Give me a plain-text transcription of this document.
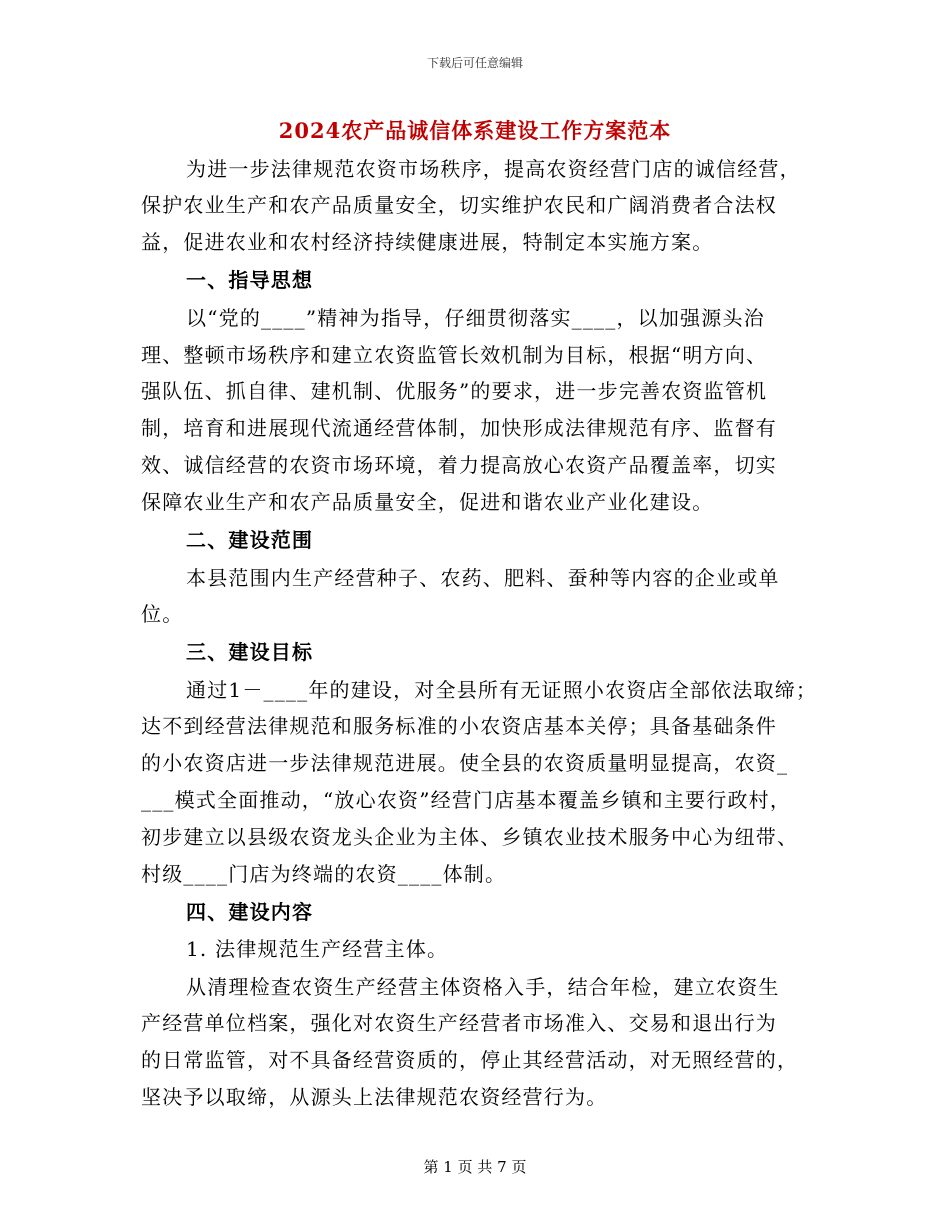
下载后可任意编辑
2024农产品诚信体系建设工作方案范本
为进一步法律规范农资市场秩序，提高农资经营门店的诚信经营，
保护农业生产和农产品质量安全，切实维护农民和广阔消费者合法权
益，促进农业和农村经济持续健康进展，特制定本实施方案。
一、指导思想
以“党的____”精神为指导，仔细贯彻落实____，以加强源头治
理、整顿市场秩序和建立农资监管长效机制为目标，根据“明方向、
强队伍、抓自律、建机制、优服务”的要求，进一步完善农资监管机
制，培育和进展现代流通经营体制，加快形成法律规范有序、监督有
效、诚信经营的农资市场环境，着力提高放心农资产品覆盖率，切实
保障农业生产和农产品质量安全，促进和谐农业产业化建设。
二、建设范围
本县范围内生产经营种子、农药、肥料、蚕种等内容的企业或单
位。
三、建设目标
通过1－____年的建设，对全县所有无证照小农资店全部依法取缔；
达不到经营法律规范和服务标准的小农资店基本关停；具备基础条件
的小农资店进一步法律规范进展。使全县的农资质量明显提高，农资_
___模式全面推动，“放心农资”经营门店基本覆盖乡镇和主要行政村，
初步建立以县级农资龙头企业为主体、乡镇农业技术服务中心为纽带、
村级____门店为终端的农资____体制。
四、建设内容
1. 法律规范生产经营主体。
从清理检查农资生产经营主体资格入手，结合年检，建立农资生
产经营单位档案，强化对农资生产经营者市场准入、交易和退出行为
的日常监管，对不具备经营资质的，停止其经营活动，对无照经营的，
坚决予以取缔，从源头上法律规范农资经营行为。
第 1 页 共 7 页
